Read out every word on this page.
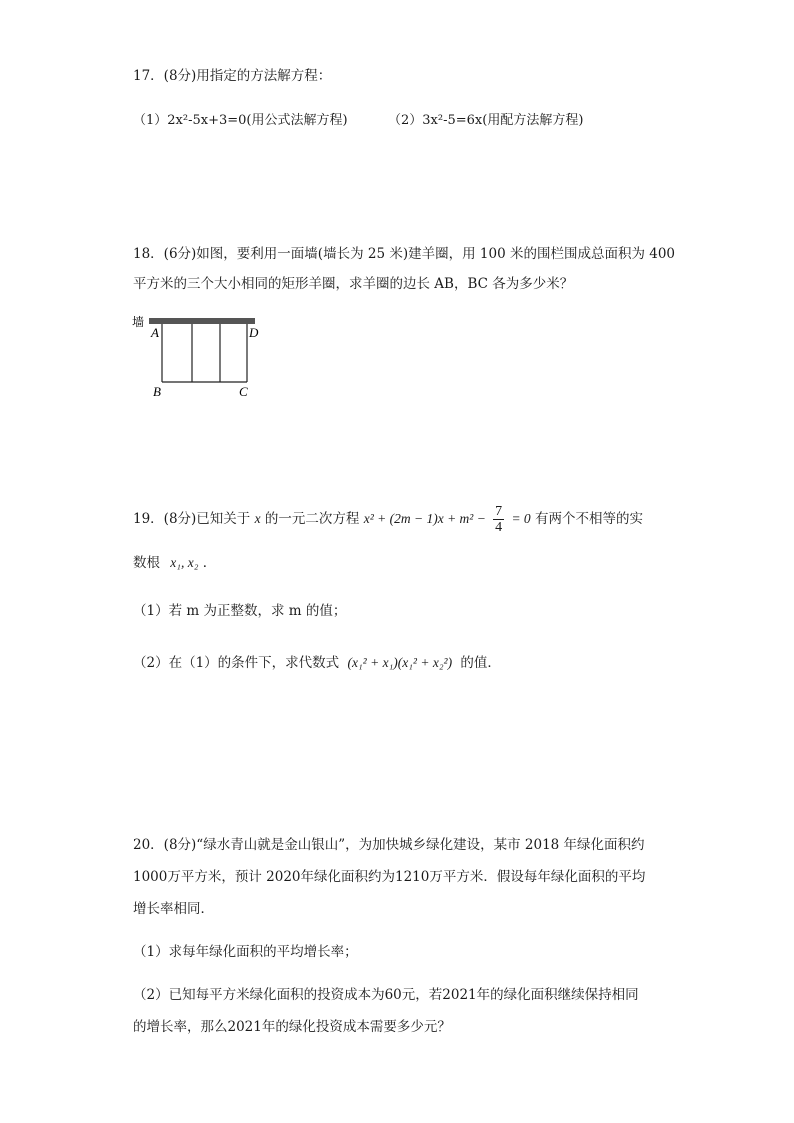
17．(8分)用指定的方法解方程：
（1）2x²-5x+3=0(用公式法解方程)	（2）3x²-5=6x(用配方法解方程)
18．(6分)如图，要利用一面墙(墙长为 25 米)建羊圈，用 100 米的围栏围成总面积为 400
平方米的三个大小相同的矩形羊圈，求羊圈的边长 AB，BC 各为多少米？
墙
A	D
B	C
19．(8分)已知关于 x 的一元二次方程 $x^2 + (2m - 1)x + m^2 - \frac{7}{4} = 0$ 有两个不相等的实
数根 x₁, x₂ ．
（1）若 m 为正整数，求 m 的值；
（2）在（1）的条件下，求代数式 (x₁² + x₁)(x₁² + x₂²) 的值．
20．(8分)“绿水青山就是金山银山”，为加快城乡绿化建设，某市 2018 年绿化面积约
1000万平方米，预计 2020年绿化面积约为1210万平方米．假设每年绿化面积的平均
增长率相同．
（1）求每年绿化面积的平均增长率；
（2）已知每平方米绿化面积的投资成本为60元，若2021年的绿化面积继续保持相同
的增长率，那么2021年的绿化投资成本需要多少元？
